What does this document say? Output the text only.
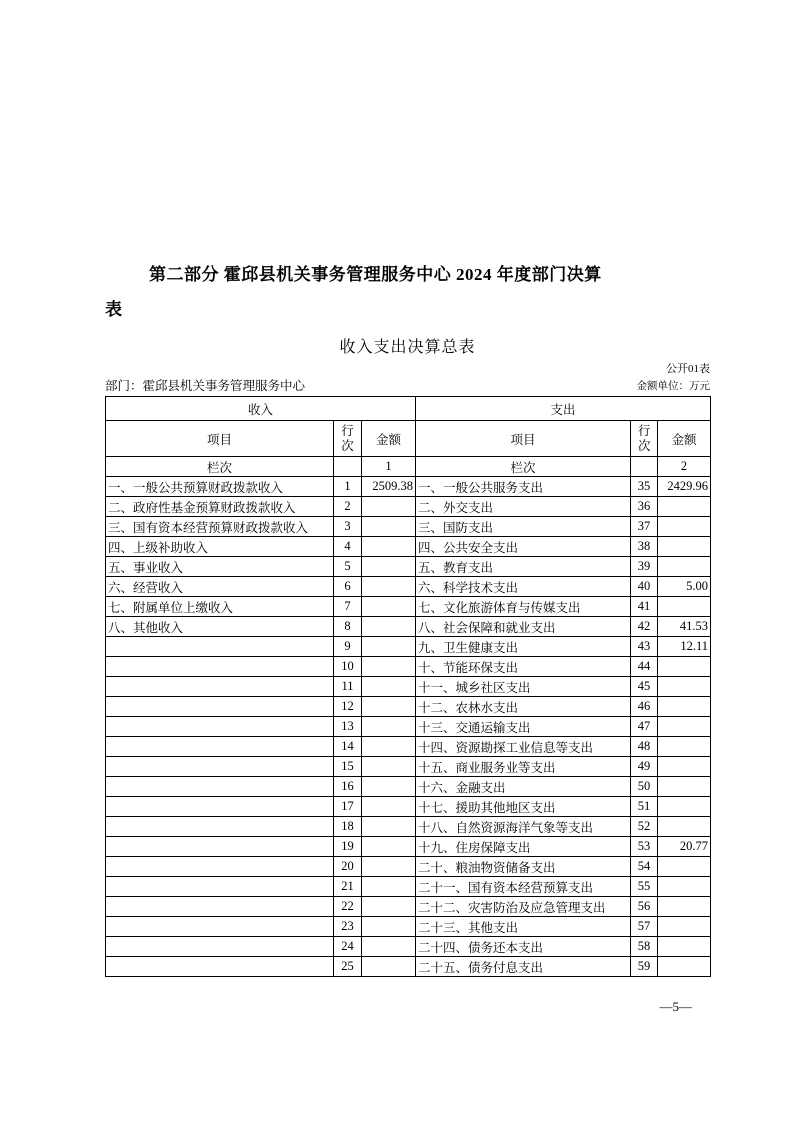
第二部分 霍邱县机关事务管理服务中心 2024 年度部门决算
表
收入支出决算总表
公开01表
部门：霍邱县机关事务管理服务中心	金额单位：万元
收入			支出		
项目	行次	金额	项目	行次	金额
栏次		1	栏次		2
一、一般公共预算财政拨款收入	1	2509.38	一、一般公共服务支出	35	2429.96
二、政府性基金预算财政拨款收入	2		二、外交支出	36	
三、国有资本经营预算财政拨款收入	3		三、国防支出	37	
四、上级补助收入	4		四、公共安全支出	38	
五、事业收入	5		五、教育支出	39	
六、经营收入	6		六、科学技术支出	40	5.00
七、附属单位上缴收入	7		七、文化旅游体育与传媒支出	41	
八、其他收入	8		八、社会保障和就业支出	42	41.53
	9		九、卫生健康支出	43	12.11
	10		十、节能环保支出	44	
	11		十一、城乡社区支出	45	
	12		十二、农林水支出	46	
	13		十三、交通运输支出	47	
	14		十四、资源勘探工业信息等支出	48	
	15		十五、商业服务业等支出	49	
	16		十六、金融支出	50	
	17		十七、援助其他地区支出	51	
	18		十八、自然资源海洋气象等支出	52	
	19		十九、住房保障支出	53	20.77
	20		二十、粮油物资储备支出	54	
	21		二十一、国有资本经营预算支出	55	
	22		二十二、灾害防治及应急管理支出	56	
	23		二十三、其他支出	57	
	24		二十四、债务还本支出	58	
	25		二十五、债务付息支出	59	
—5—
